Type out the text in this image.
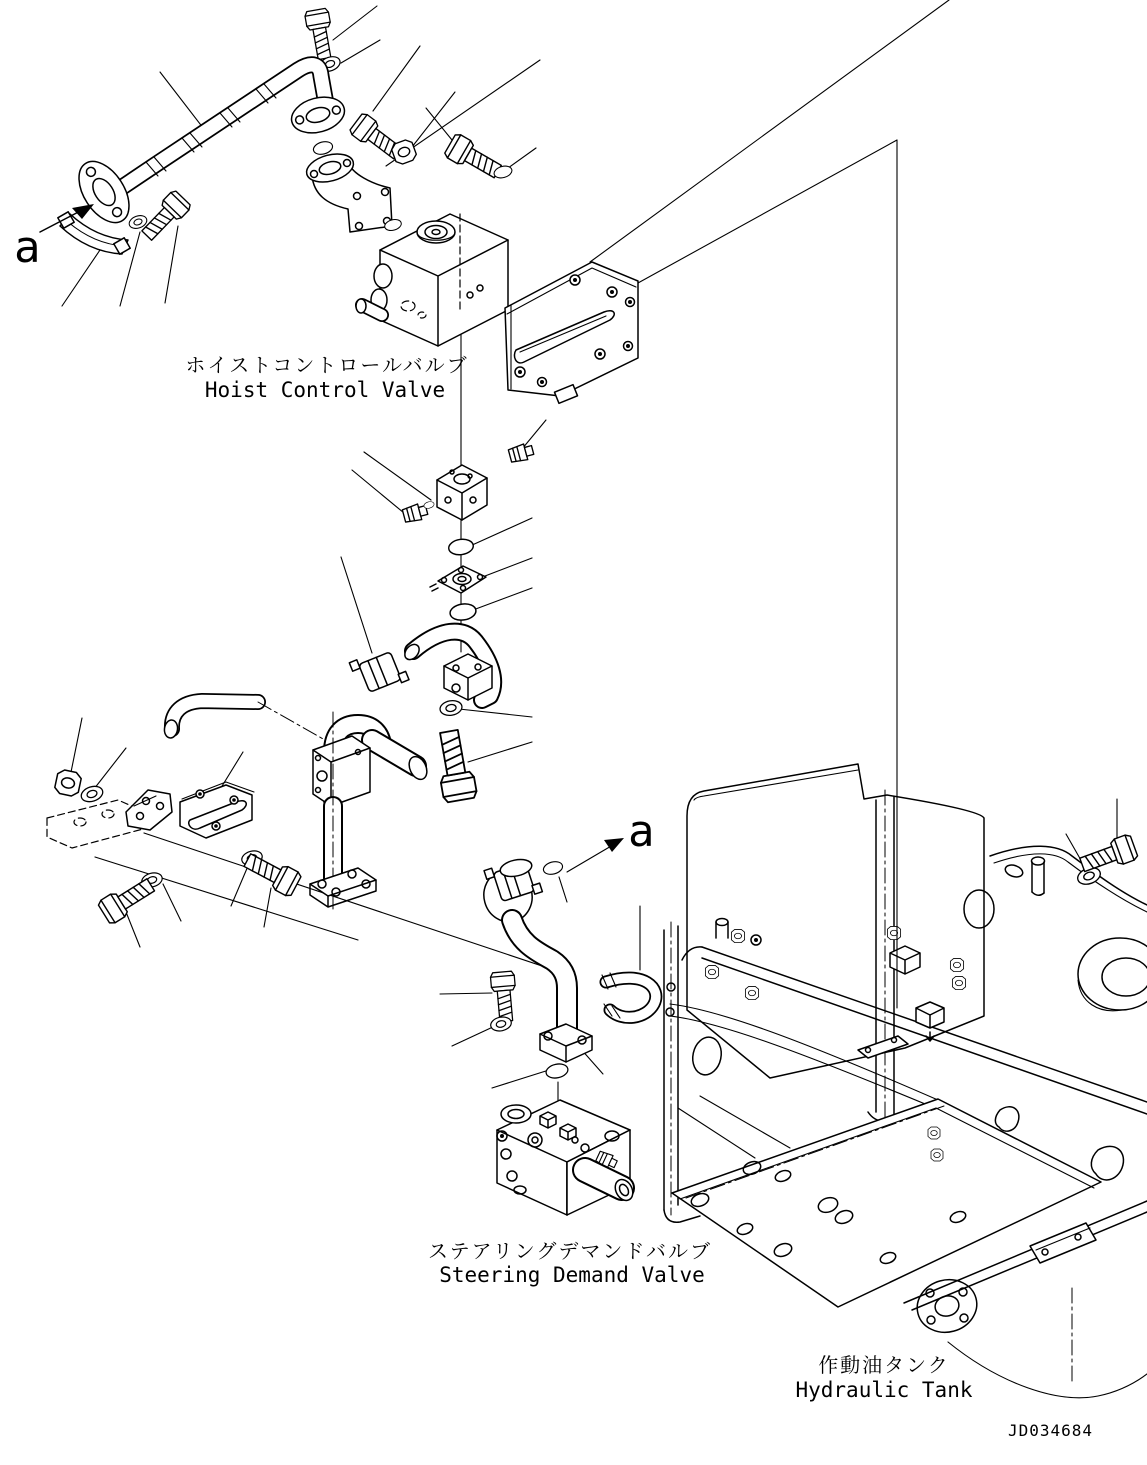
ホイストコントロールバルブ
Hoist Control Valve
ステアリングデマンドバルブ
Steering Demand Valve
作動油タンク
Hydraulic Tank
a
a
JD034684
